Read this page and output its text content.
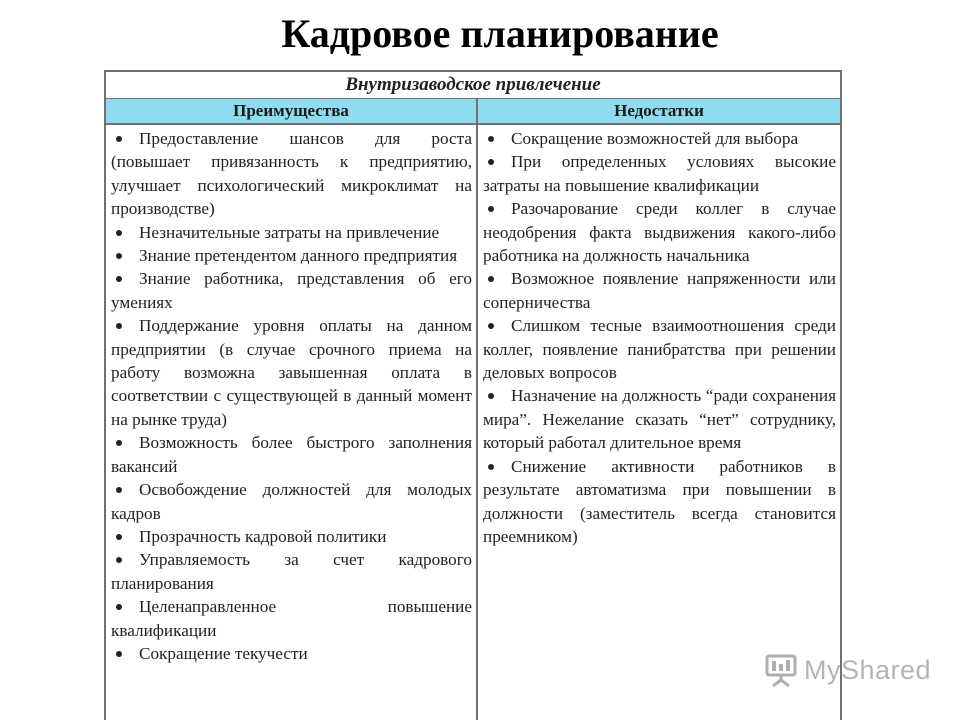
Кадровое планирование
Внутризаводское привлечение
Преимущества	Недостатки
Предоставление шансов для роста (повышает привязанность к предприятию, улучшает психологический микроклимат на производстве)
Незначительные затраты на привлечение
Знание претендентом данного предприятия
Знание работника, представления об его умениях
Поддержание уровня оплаты на данном предприятии (в случае срочного приема на работу возможна завышенная оплата в соответствии с существующей в данный момент на рынке труда)
Возможность более быстрого заполнения вакансий
Освобождение должностей для молодых кадров
Прозрачность кадровой политики
Управляемость за счет кадрового планирования
Целенаправленное повышение квалификации
Сокращение текучести
Сокращение возможностей для выбора
При определенных условиях высокие затраты на повышение квалификации
Разочарование среди коллег в случае неодобрения факта выдвижения какого-либо работника на должность начальника
Возможное появление напряженности или соперничества
Слишком тесные взаимоотношения среди коллег, появление панибратства при решении деловых вопросов
Назначение на должность “ради сохранения мира”. Нежелание сказать “нет” сотруднику, который работал длительное время
Снижение активности работников в результате автоматизма при повышении в должности (заместитель всегда становится преемником)
MyShared
